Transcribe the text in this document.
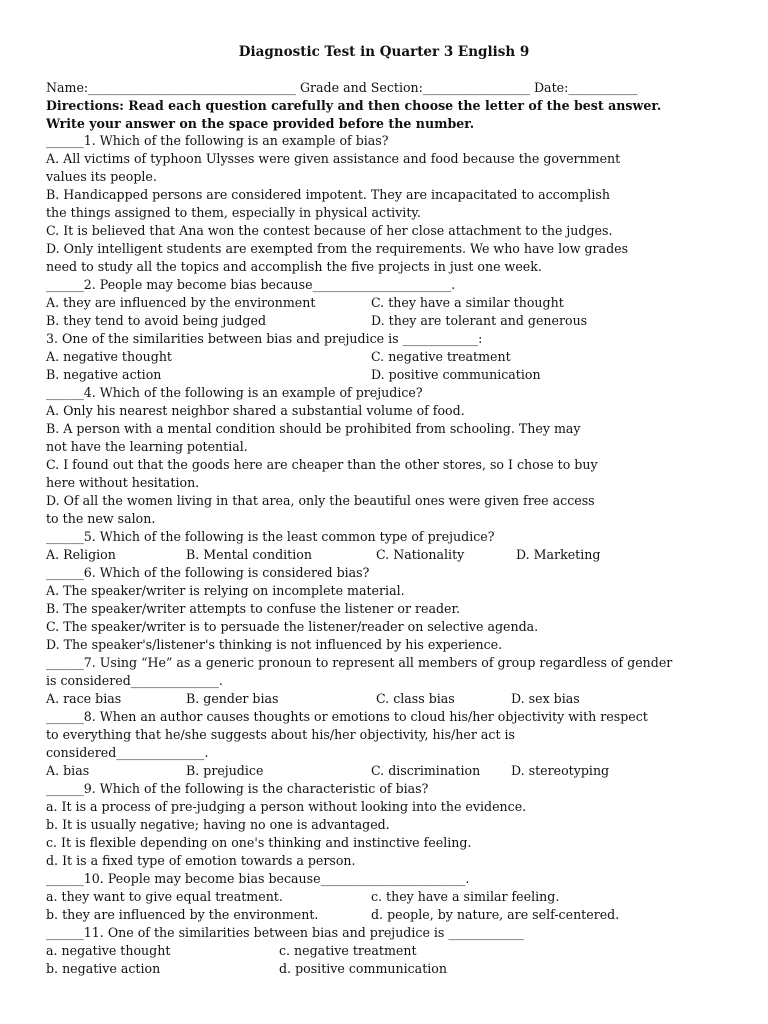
Diagnostic Test in Quarter 3 English 9
Name:_________________________________ Grade and Section:_________________ Date:___________
Directions: Read each question carefully and then choose the letter of the best answer.
Write your answer on the space provided before the number.
______1. Which of the following is an example of bias?
A. All victims of typhoon Ulysses were given assistance and food because the government
values its people.
B. Handicapped persons are considered impotent. They are incapacitated to accomplish
the things assigned to them, especially in physical activity.
C. It is believed that Ana won the contest because of her close attachment to the judges.
D. Only intelligent students are exempted from the requirements. We who have low grades
need to study all the topics and accomplish the five projects in just one week.
______2. People may become bias because______________________.
A. they are influenced by the environment	C. they have a similar thought
B. they tend to avoid being judged	D. they are tolerant and generous
3. One of the similarities between bias and prejudice is ____________:
A. negative thought	C. negative treatment
B. negative action	D. positive communication
______4. Which of the following is an example of prejudice?
A. Only his nearest neighbor shared a substantial volume of food.
B. A person with a mental condition should be prohibited from schooling. They may
not have the learning potential.
C. I found out that the goods here are cheaper than the other stores, so I chose to buy
here without hesitation.
D. Of all the women living in that area, only the beautiful ones were given free access
to the new salon.
______5. Which of the following is the least common type of prejudice?
A. Religion	B. Mental condition	C. Nationality	D. Marketing
______6. Which of the following is considered bias?
A. The speaker/writer is relying on incomplete material.
B. The speaker/writer attempts to confuse the listener or reader.
C. The speaker/writer is to persuade the listener/reader on selective agenda.
D. The speaker's/listener's thinking is not influenced by his experience.
______7. Using “He” as a generic pronoun to represent all members of group regardless of gender
is considered______________.
A. race bias	B. gender bias	C. class bias	D. sex bias
______8. When an author causes thoughts or emotions to cloud his/her objectivity with respect
to everything that he/she suggests about his/her objectivity, his/her act is
considered______________.
A. bias	B. prejudice	C. discrimination D. stereotyping
______9. Which of the following is the characteristic of bias?
a. It is a process of pre-judging a person without looking into the evidence.
b. It is usually negative; having no one is advantaged.
c. It is flexible depending on one's thinking and instinctive feeling.
d. It is a fixed type of emotion towards a person.
______10. People may become bias because_______________________.
a. they want to give equal treatment.	c. they have a similar feeling.
b. they are influenced by the environment.	d. people, by nature, are self-centered.
______11. One of the similarities between bias and prejudice is ____________
a. negative thought	c. negative treatment
b. negative action	d. positive communication
